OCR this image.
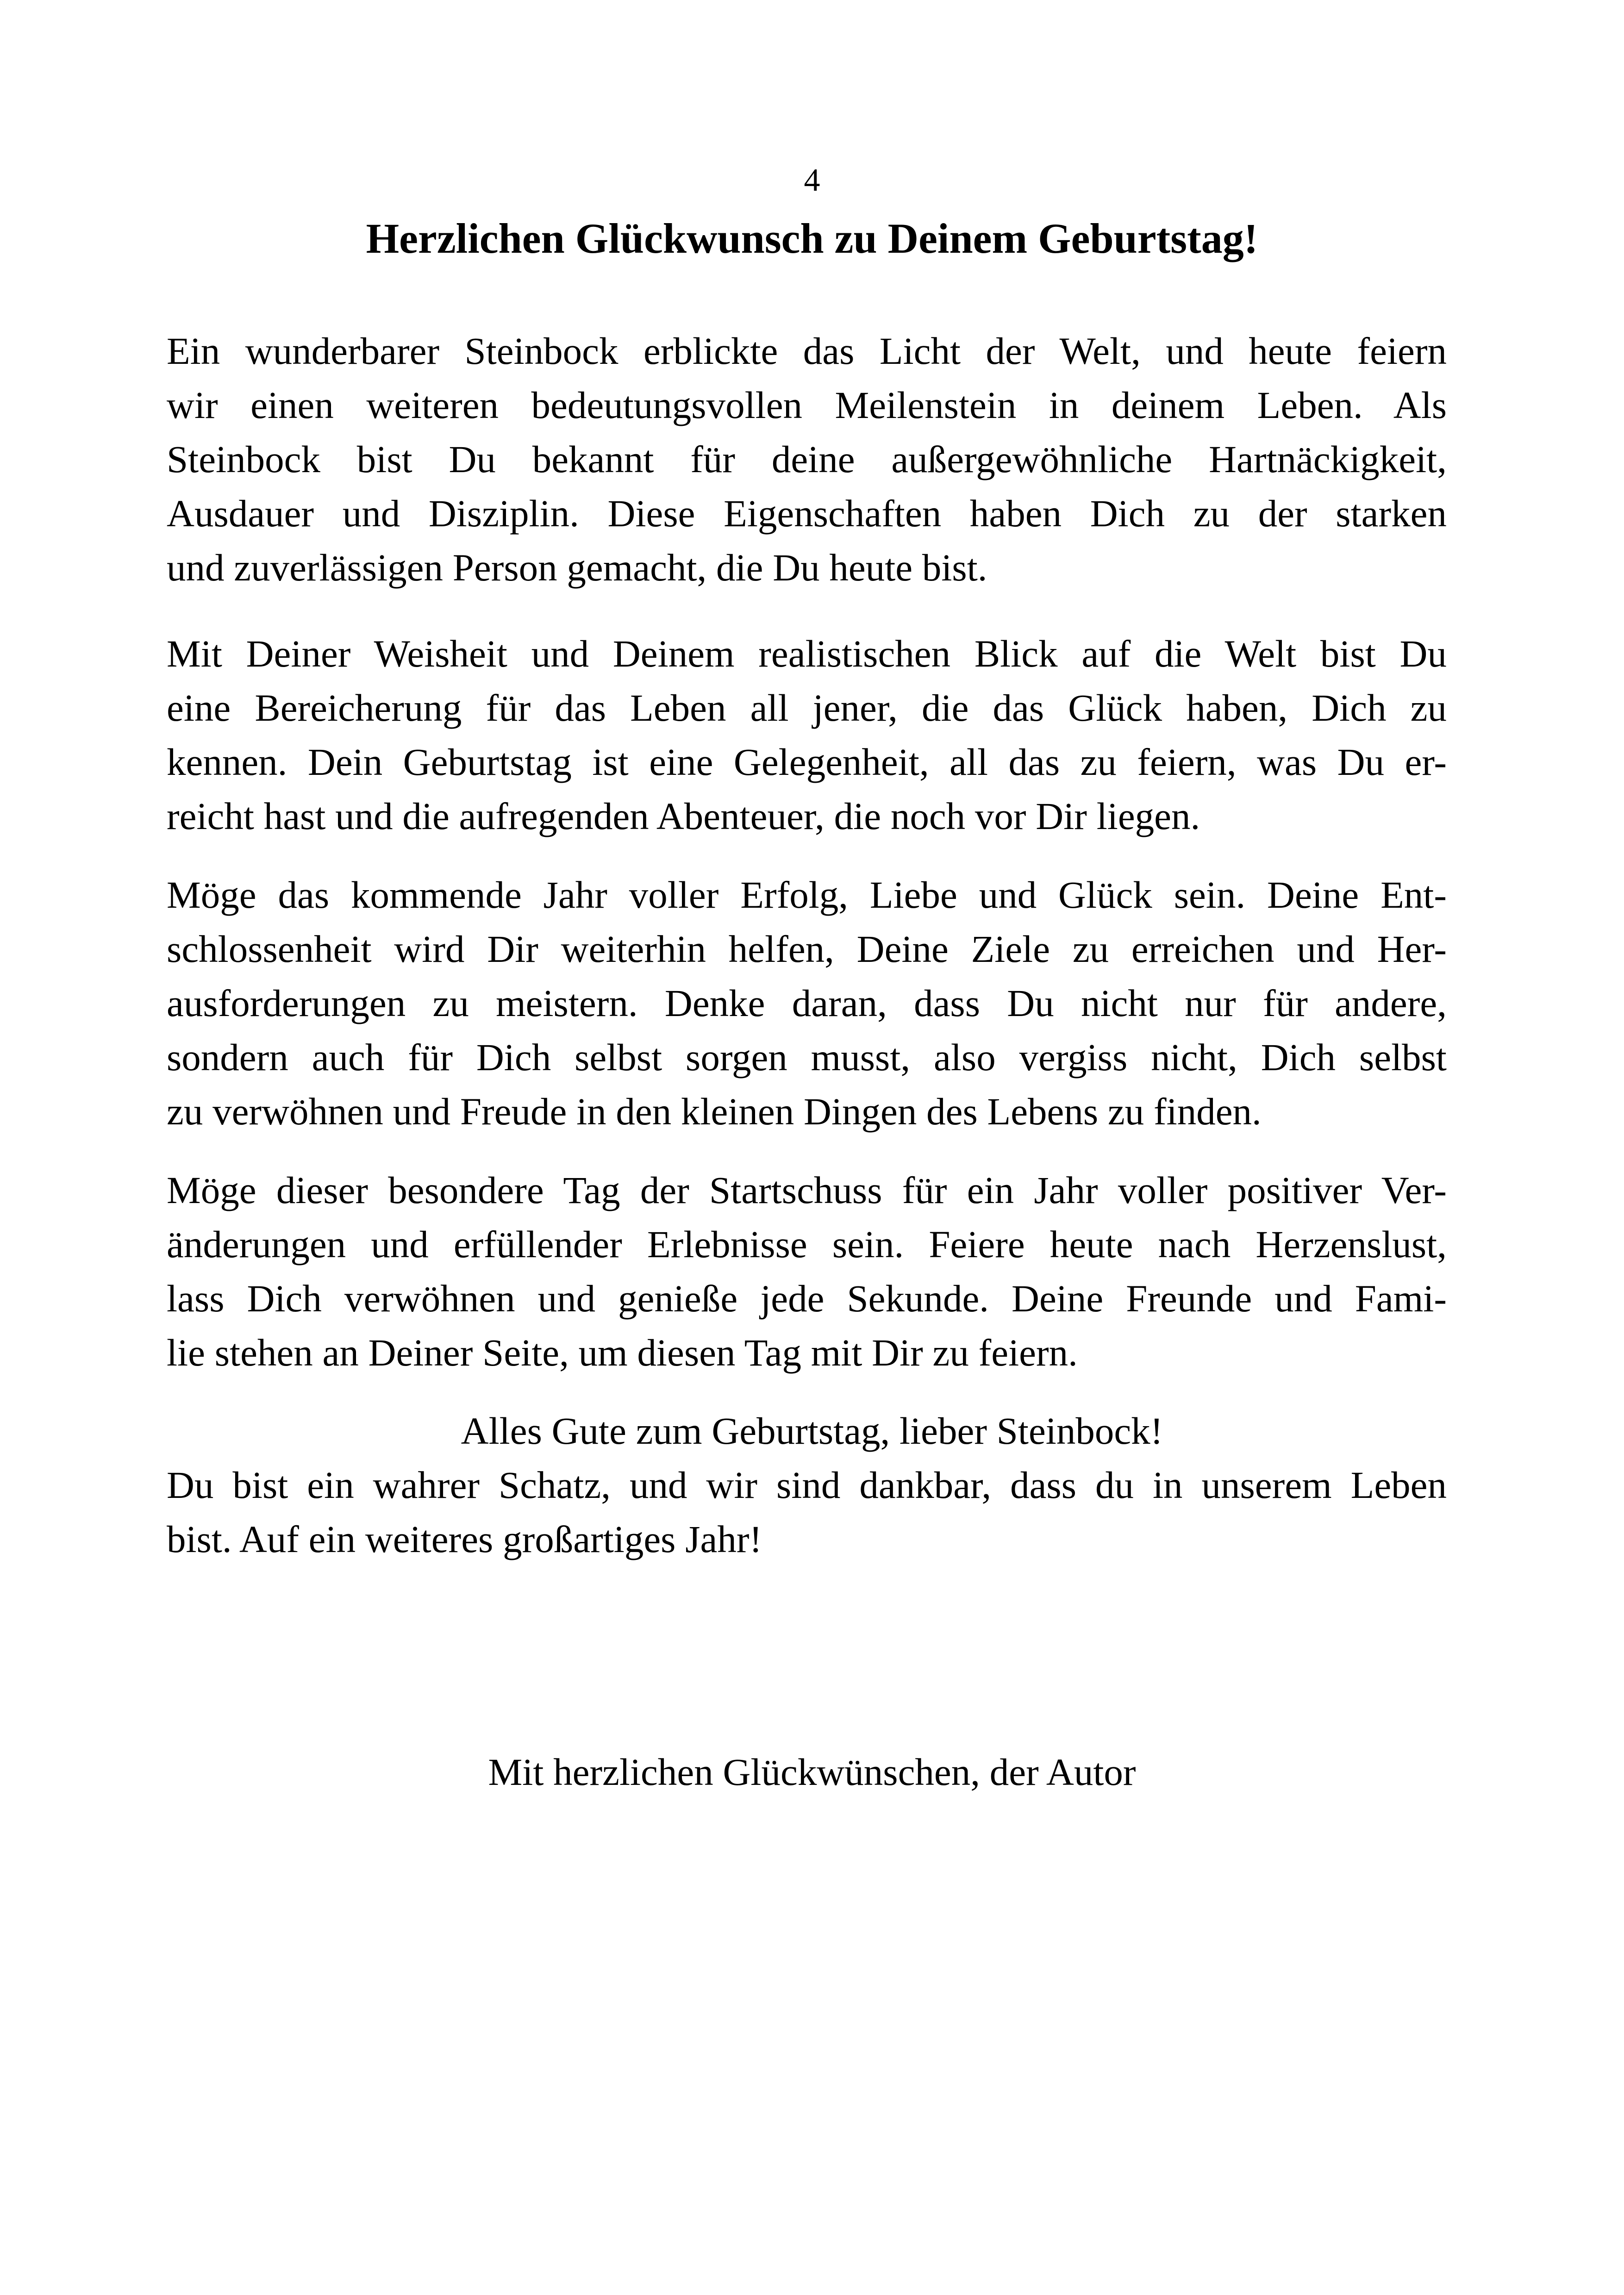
4
Herzlichen Glückwunsch zu Deinem Geburtstag!

Ein wunderbarer Steinbock erblickte das Licht der Welt, und heute feiern
wir einen weiteren bedeutungsvollen Meilenstein in deinem Leben. Als
Steinbock bist Du bekannt für deine außergewöhnliche Hartnäckigkeit,
Ausdauer und Disziplin. Diese Eigenschaften haben Dich zu der starken
und zuverlässigen Person gemacht, die Du heute bist.

Mit Deiner Weisheit und Deinem realistischen Blick auf die Welt bist Du
eine Bereicherung für das Leben all jener, die das Glück haben, Dich zu
kennen. Dein Geburtstag ist eine Gelegenheit, all das zu feiern, was Du er-
reicht hast und die aufregenden Abenteuer, die noch vor Dir liegen.

Möge das kommende Jahr voller Erfolg, Liebe und Glück sein. Deine Ent-
schlossenheit wird Dir weiterhin helfen, Deine Ziele zu erreichen und Her-
ausforderungen zu meistern. Denke daran, dass Du nicht nur für andere,
sondern auch für Dich selbst sorgen musst, also vergiss nicht, Dich selbst
zu verwöhnen und Freude in den kleinen Dingen des Lebens zu finden.

Möge dieser besondere Tag der Startschuss für ein Jahr voller positiver Ver-
änderungen und erfüllender Erlebnisse sein. Feiere heute nach Herzenslust,
lass Dich verwöhnen und genieße jede Sekunde. Deine Freunde und Fami-
lie stehen an Deiner Seite, um diesen Tag mit Dir zu feiern.

Alles Gute zum Geburtstag, lieber Steinbock!

Du bist ein wahrer Schatz, und wir sind dankbar, dass du in unserem Leben
bist. Auf ein weiteres großartiges Jahr!

Mit herzlichen Glückwünschen, der Autor
